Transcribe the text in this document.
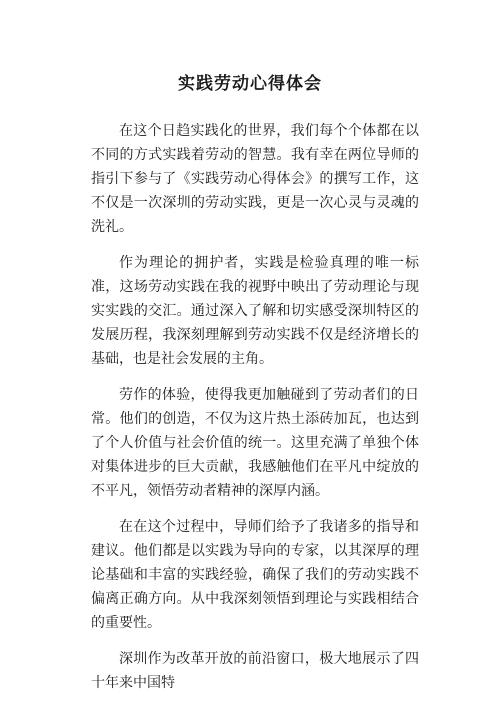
实践劳动心得体会

在这个日趋实践化的世界，我们每个个体都在以不同的方式实践着劳动的智慧。我有幸在两位导师的指引下参与了《实践劳动心得体会》的撰写工作，这不仅是一次深圳的劳动实践，更是一次心灵与灵魂的洗礼。

作为理论的拥护者，实践是检验真理的唯一标准，这场劳动实践在我的视野中映出了劳动理论与现实实践的交汇。通过深入了解和切实感受深圳特区的发展历程，我深刻理解到劳动实践不仅是经济增长的基础，也是社会发展的主角。

劳作的体验，使得我更加触碰到了劳动者们的日常。他们的创造，不仅为这片热土添砖加瓦，也达到了个人价值与社会价值的统一。这里充满了单独个体对集体进步的巨大贡献，我感触他们在平凡中绽放的不平凡，领悟劳动者精神的深厚内涵。

在在这个过程中，导师们给予了我诸多的指导和建议。他们都是以实践为导向的专家，以其深厚的理论基础和丰富的实践经验，确保了我们的劳动实践不偏离正确方向。从中我深刻领悟到理论与实践相结合的重要性。

深圳作为改革开放的前沿窗口，极大地展示了四十年来中国特
